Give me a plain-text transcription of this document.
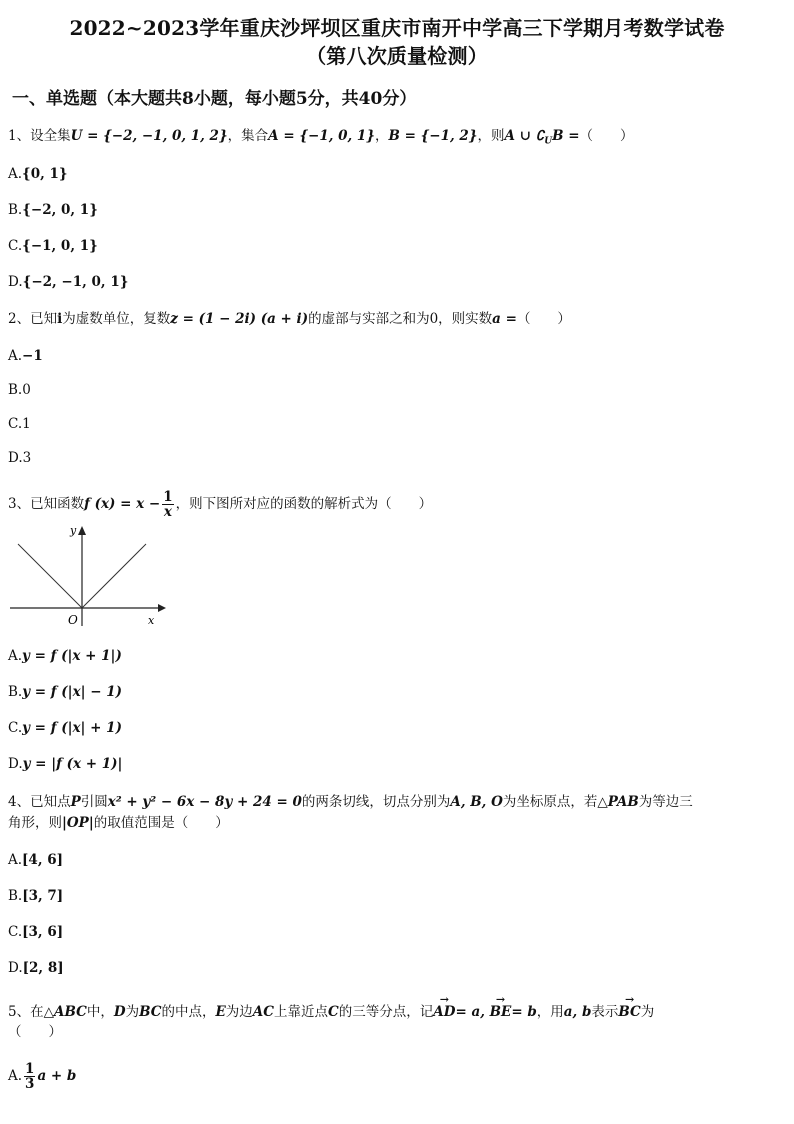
2022~2023学年重庆沙坪坝区重庆市南开中学高三下学期月考数学试卷
（第八次质量检测）
一、单选题（本大题共8小题，每小题5分，共40分）
1、设全集U = {−2, −1, 0, 1, 2}，集合A = {−1, 0, 1}，B = {−1, 2}，则A ∪ $∁_UB$ =（　　）
A.{0, 1}
B.{−2, 0, 1}
C.{−1, 0, 1}
D.{−2, −1, 0, 1}
2、已知i为虚数单位，复数z = (1 − 2i) (a + i)的虚部与实部之和为0，则实数a =（　　）
A.−1
B.0
C.1
D.3
3、已知函数f $(x) = x - \frac{1}{x}$ ，则下图所对应的函数的解析式为（　　）
y
x
O
A.y = f (|x + 1|)
B.y = f (|x| − 1)
C.y = f (|x| + 1)
D.y = |f (x + 1)|
4、已知点P引圆x² + y² − 6x − 8y + 24 = 0的两条切线，切点分别为A, B, O为坐标原点，若△PAB为等边三
角形，则|OP|的取值范围是（　　）
A.[4, 6]
B.[3, 7]
C.[3, 6]
D.[2, 8]
5、在△ABC中，D为BC的中点，E为边AC上靠近点C的三等分点，记→ AD= a, → BE= b，用a, b表示→ BC为
（　　）
A. $\frac{1}{3}$ a + b
